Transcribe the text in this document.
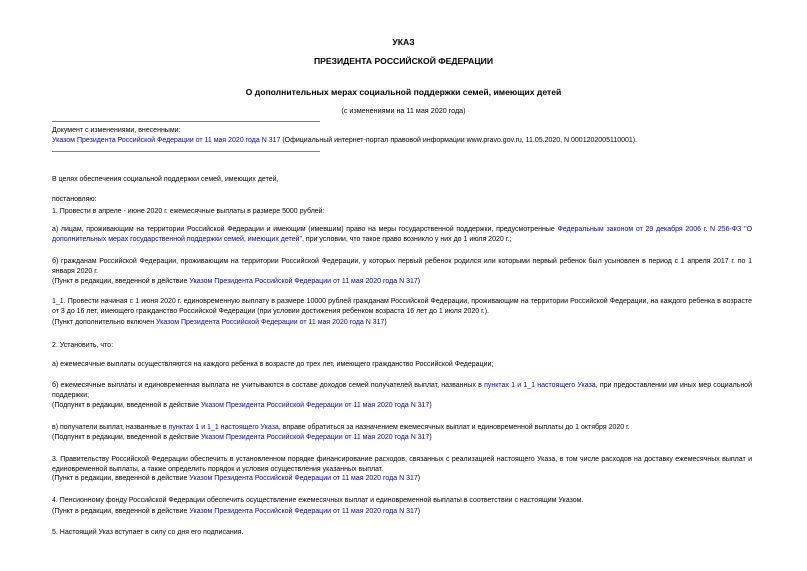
УКАЗ
ПРЕЗИДЕНТА РОССИЙСКОЙ ФЕДЕРАЦИИ
О дополнительных мерах социальной поддержки семей, имеющих детей
(с изменениями на 11 мая 2020 года)
Документ с изменениями, внесенными:
Указом Президента Российской Федерации от 11 мая 2020 года N 317 (Официальный интернет-портал правовой информации www.pravo.gov.ru, 11.05.2020, N 0001202005110001).
В целях обеспечения социальной поддержки семей, имеющих детей,
постановляю:
1. Провести в апреле - июне 2020 г. ежемесячные выплаты в размере 5000 рублей:
а) лицам, проживающим на территории Российской Федерации и имеющим (имевшим) право на меры государственной поддержки, предусмотренные Федеральным законом от 29 декабря 2006 г. N 256-ФЗ "О дополнительных мерах государственной поддержки семей, имеющих детей", при условии, что такое право возникло у них до 1 июля 2020 г.;
б) гражданам Российской Федерации, проживающим на территории Российской Федерации, у которых первый ребенок родился или которыми первый ребенок был усыновлен в период с 1 апреля 2017 г. по 1 января 2020 г.
(Пункт в редакции, введенной в действие Указом Президента Российской Федерации от 11 мая 2020 года N 317)
1_1. Провести начиная с 1 июня 2020 г. единовременную выплату в размере 10000 рублей гражданам Российской Федерации, проживающим на территории Российской Федерации, на каждого ребенка в возрасте от 3 до 16 лет, имеющего гражданство Российской Федерации (при условии достижения ребенком возраста 16 лет до 1 июля 2020 г.).
(Пункт дополнительно включен Указом Президента Российской Федерации от 11 мая 2020 года N 317)
2. Установить, что:
а) ежемесячные выплаты осуществляются на каждого ребенка в возрасте до трех лет, имеющего гражданство Российской Федерации;
б) ежемесячные выплаты и единовременная выплата не учитываются в составе доходов семей получателей выплат, названных в пунктах 1 и 1_1 настоящего Указа, при предоставлении им иных мер социальной поддержки;
(Подпункт в редакции, введенной в действие Указом Президента Российской Федерации от 11 мая 2020 года N 317)
в) получатели выплат, названные в пунктах 1 и 1_1 настоящего Указа, вправе обратиться за назначением ежемесячных выплат и единовременной выплаты до 1 октября 2020 г.
(Подпункт в редакции, введенной в действие Указом Президента Российской Федерации от 11 мая 2020 года N 317)
3. Правительству Российской Федерации обеспечить в установленном порядке финансирование расходов, связанных с реализацией настоящего Указа, в том числе расходов на доставку ежемесячных выплат и единовременной выплаты, а также определить порядок и условия осуществления указанных выплат.
(Пункт в редакции, введенной в действие Указом Президента Российской Федерации от 11 мая 2020 года N 317)
4. Пенсионному фонду Российской Федерации обеспечить осуществление ежемесячных выплат и единовременной выплаты в соответствии с настоящим Указом.
(Пункт в редакции, введенной в действие Указом Президента Российской Федерации от 11 мая 2020 года N 317)
5. Настоящий Указ вступает в силу со дня его подписания.
